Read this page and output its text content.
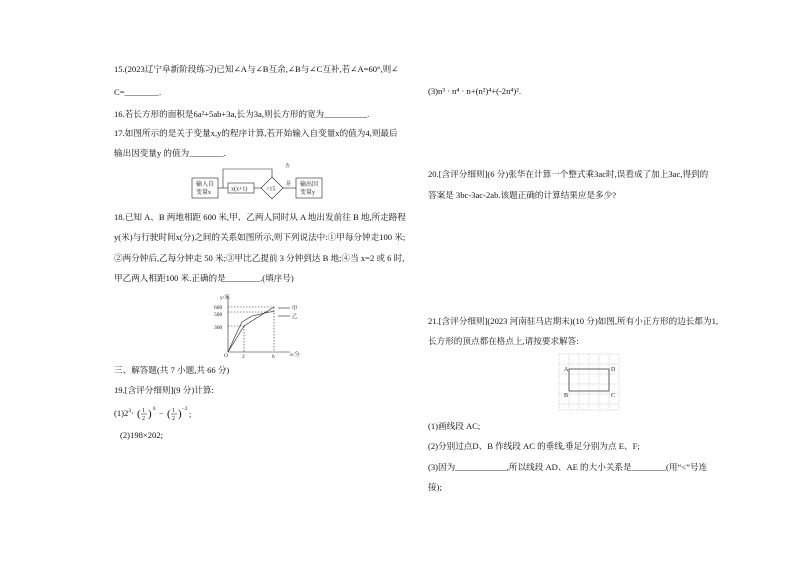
15.(2023辽宁阜新阶段练习)已知∠A与∠B互余,∠B与∠C互补,若∠A=60°,则∠
C=________.
16.若长方形的面积是6a²+5ab+3a,长为3a,则长方形的宽为__________.
17.如图所示的是关于变量x,y的程序计算,若开始输入自变量x的值为4,则最后
输出因变量y 的值为________.
输入自
变量x
x(x+1)	>15
否
是 输出因
变量y
18.已知 A、B 两地相距 600 米,甲、乙两人同时从 A 地出发前往 B 地,所走路程
y(米)与行驶时间x(分)之间的关系如图所示,则下列说法中:①甲每分钟走100 米;
②两分钟后,乙每分钟走 50 米;③甲比乙提前 3 分钟到达 B 地;④当 x=2 或 6 时,
甲乙两人相距100 米.正确的是________.(填序号)
y/米
x/分
O
600
500
300
2	6
甲
乙
三、解答题(共 7 小题,共 66 分)
19.[含评分细则](9 分)计算:
$(1)2^3\cdot$ ( 1
2 ) 0 − ( 1
2 ) −2
;
(2)198×202;
(3)n³ · n⁴ · n+(n²)⁴+(-2n⁴)².
20.[含评分细则](6 分)张华在计算一个整式乘3ac时,误看成了加上3ac,得到的
答案是 3bc-3ac-2ab.该题正确的计算结果应是多少?
21.[含评分细则](2023 河南驻马店期末)(10 分)如图,所有小正方形的边长都为1,
长方形的顶点都在格点上,请按要求解答:
A	D
B	C
(1)画线段 AC;
(2)分别过点D、B 作线段 AC 的垂线,垂足分别为点 E、F;
(3)因为____________,所以线段 AD、AE 的大小关系是________(用“<”号连
接);
